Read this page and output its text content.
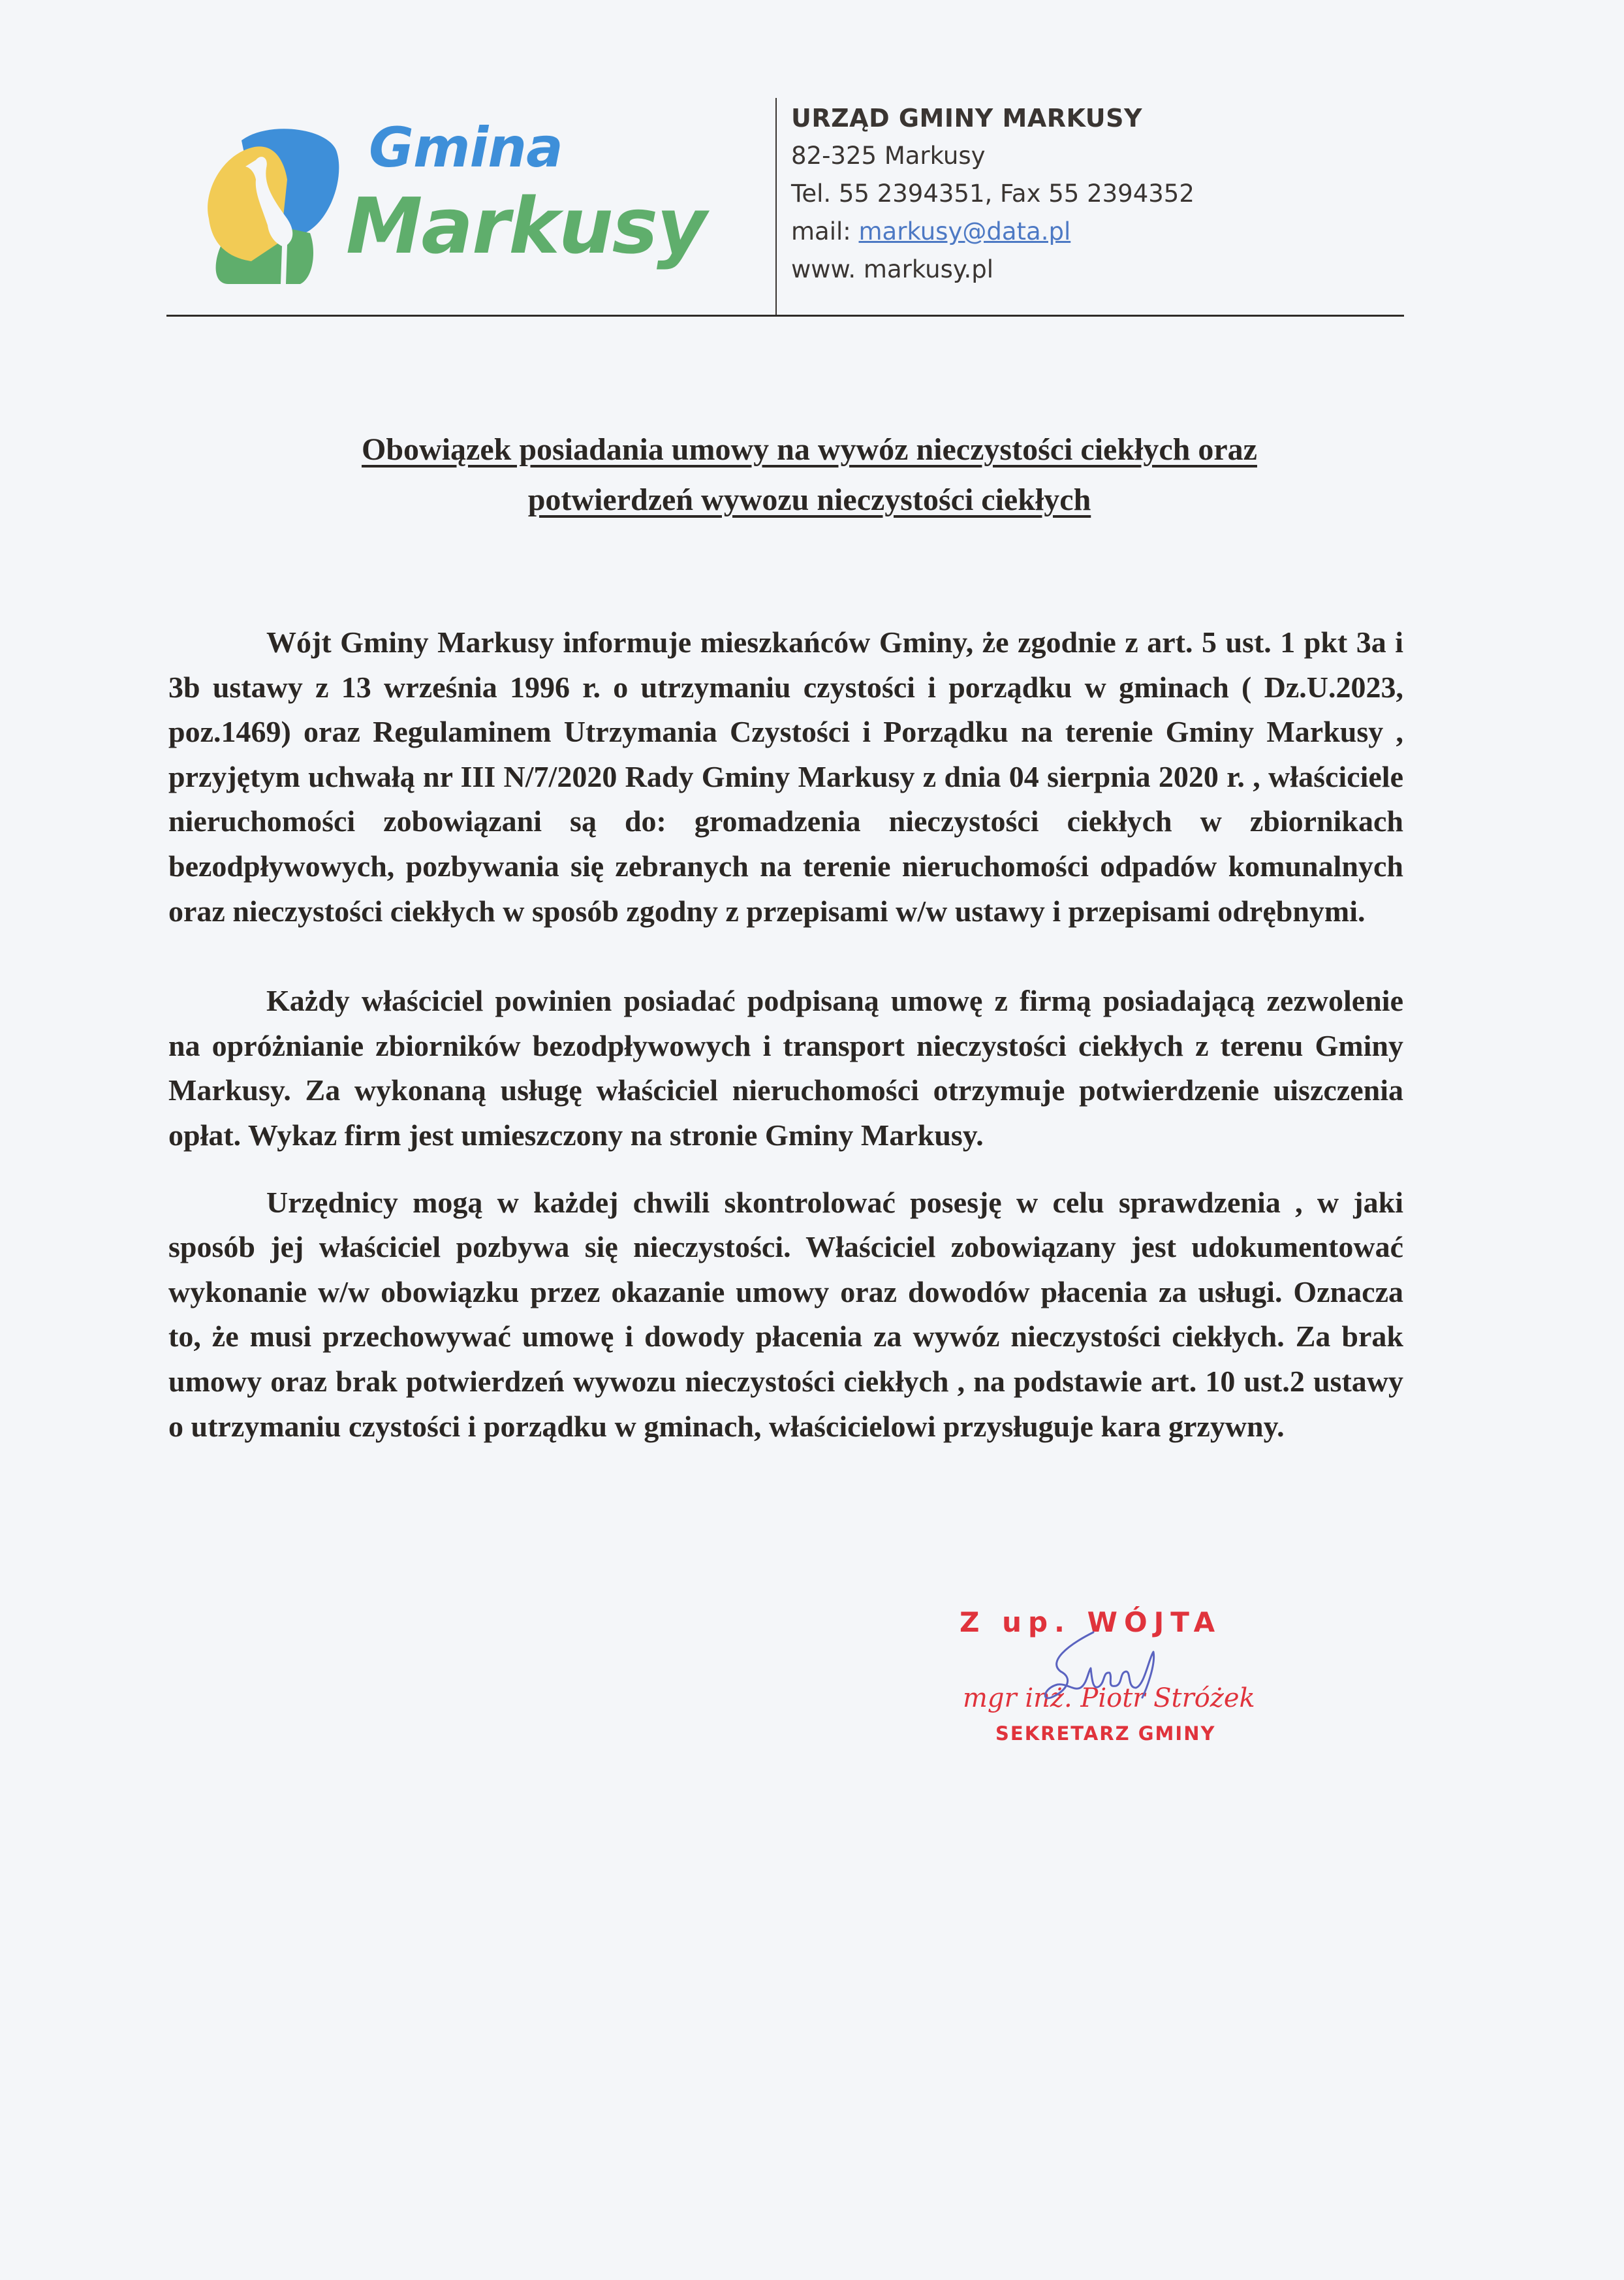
Gmina
Markusy
URZĄD GMINY MARKUSY
82-325 Markusy
Tel. 55 2394351, Fax 55 2394352
mail: markusy@data.pl
www. markusy.pl
Obowiązek posiadania umowy na wywóz nieczystości ciekłych oraz
potwierdzeń wywozu nieczystości ciekłych

Wójt Gminy Markusy informuje mieszkańców Gminy, że zgodnie z art. 5 ust. 1 pkt 3a i 3b ustawy z 13 września 1996 r. o utrzymaniu czystości i porządku w gminach ( Dz.U.2023, poz.1469) oraz Regulaminem Utrzymania Czystości i Porządku na terenie Gminy Markusy , przyjętym uchwałą nr III N/7/2020 Rady Gminy Markusy z dnia 04 sierpnia 2020 r. , właściciele nieruchomości zobowiązani są do: gromadzenia nieczystości ciekłych w zbiornikach bezodpływowych, pozbywania się zebranych na terenie nieruchomości odpadów komunalnych oraz nieczystości ciekłych w sposób zgodny z przepisami w/w ustawy i przepisami odrębnymi.

Każdy właściciel powinien posiadać podpisaną umowę z firmą posiadającą zezwolenie na opróżnianie zbiorników bezodpływowych i transport nieczystości ciekłych z terenu Gminy Markusy. Za wykonaną usługę właściciel nieruchomości otrzymuje potwierdzenie uiszczenia opłat. Wykaz firm jest umieszczony na stronie Gminy Markusy.

Urzędnicy mogą w każdej chwili skontrolować posesję w celu sprawdzenia , w jaki sposób jej właściciel pozbywa się nieczystości. Właściciel zobowiązany jest udokumentować wykonanie w/w obowiązku przez okazanie umowy oraz dowodów płacenia za usługi. Oznacza to, że musi przechowywać umowę i dowody płacenia za wywóz nieczystości ciekłych. Za brak umowy oraz brak potwierdzeń wywozu nieczystości ciekłych , na podstawie art. 10 ust.2 ustawy o utrzymaniu czystości i porządku w gminach, właścicielowi przysługuje kara grzywny.

Z up. WÓJTA
mgr inż. Piotr Stróżek
SEKRETARZ GMINY
